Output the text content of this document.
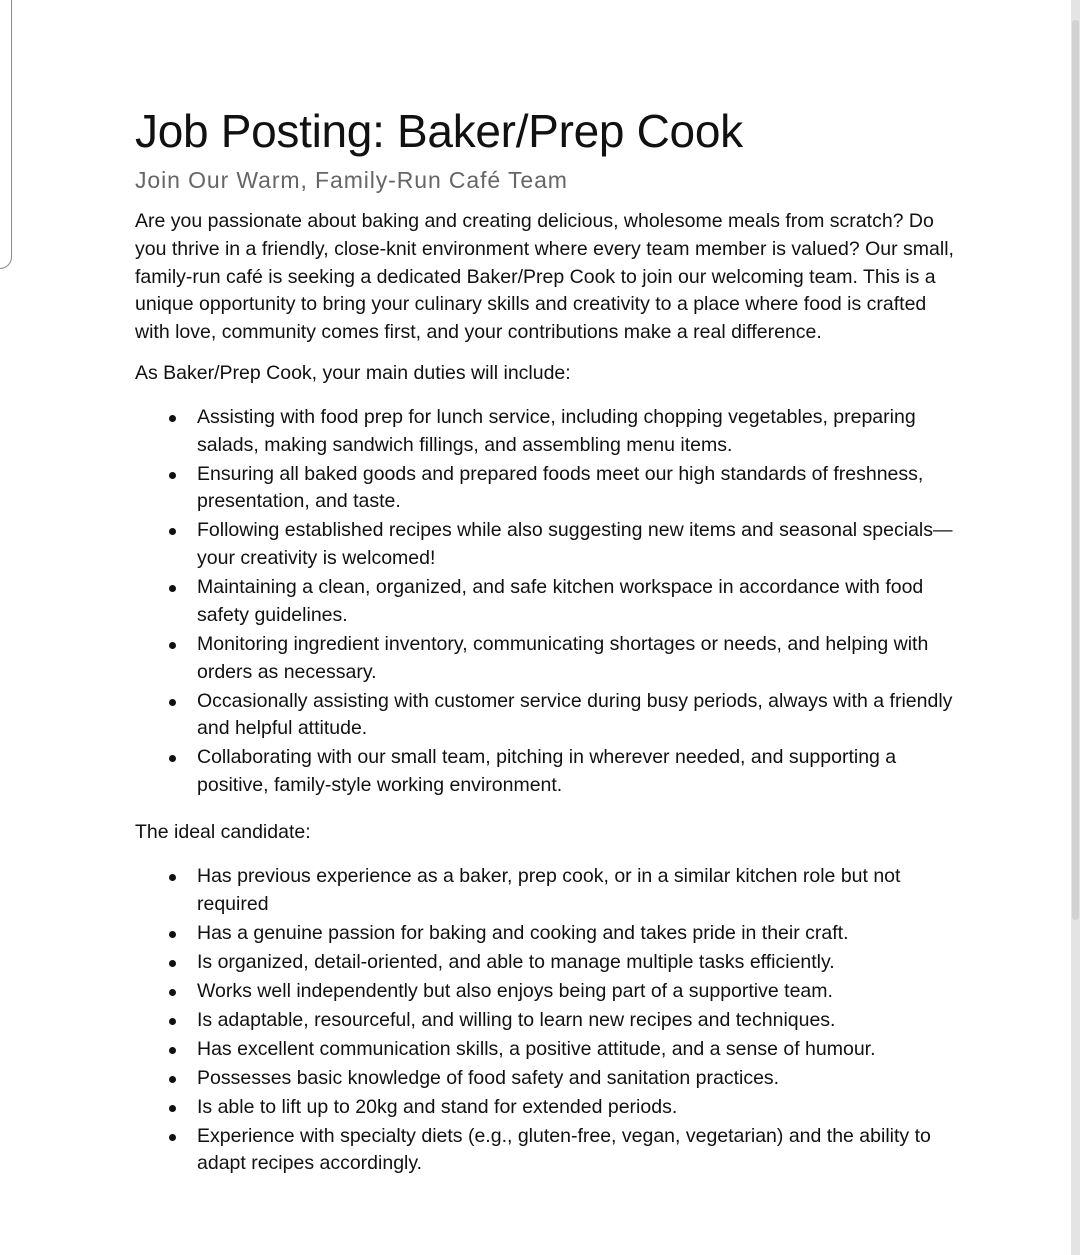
Job Posting: Baker/Prep Cook
Join Our Warm, Family-Run Café Team

Are you passionate about baking and creating delicious, wholesome meals from scratch? Do you thrive in a friendly, close-knit environment where every team member is valued? Our small, family-run café is seeking a dedicated Baker/Prep Cook to join our welcoming team. This is a unique opportunity to bring your culinary skills and creativity to a place where food is crafted with love, community comes first, and your contributions make a real difference.

As Baker/Prep Cook, your main duties will include:

Assisting with food prep for lunch service, including chopping vegetables, preparing salads, making sandwich fillings, and assembling menu items.
Ensuring all baked goods and prepared foods meet our high standards of freshness, presentation, and taste.
Following established recipes while also suggesting new items and seasonal specials—your creativity is welcomed!
Maintaining a clean, organized, and safe kitchen workspace in accordance with food safety guidelines.
Monitoring ingredient inventory, communicating shortages or needs, and helping with orders as necessary.
Occasionally assisting with customer service during busy periods, always with a friendly and helpful attitude.
Collaborating with our small team, pitching in wherever needed, and supporting a positive, family-style working environment.

The ideal candidate:

Has previous experience as a baker, prep cook, or in a similar kitchen role but not required
Has a genuine passion for baking and cooking and takes pride in their craft.
Is organized, detail-oriented, and able to manage multiple tasks efficiently.
Works well independently but also enjoys being part of a supportive team.
Is adaptable, resourceful, and willing to learn new recipes and techniques.
Has excellent communication skills, a positive attitude, and a sense of humour.
Possesses basic knowledge of food safety and sanitation practices.
Is able to lift up to 20kg and stand for extended periods.
Experience with specialty diets (e.g., gluten-free, vegan, vegetarian) and the ability to adapt recipes accordingly.
